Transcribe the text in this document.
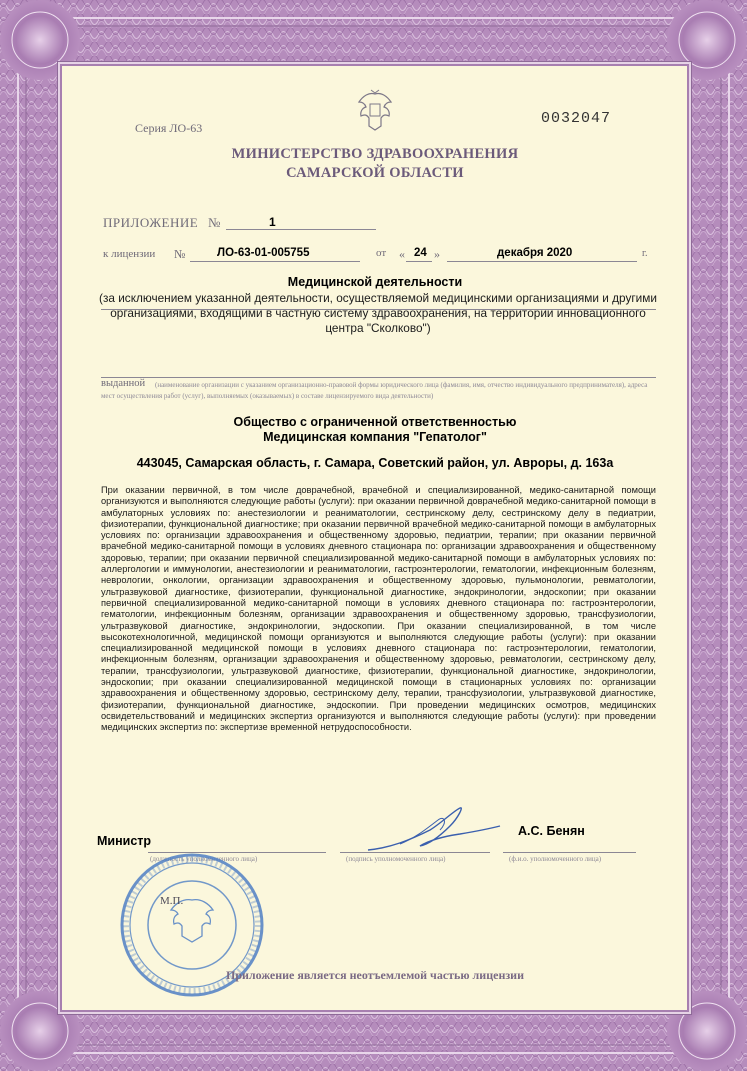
Серия ЛО-63
0032047
МИНИСТЕРСТВО ЗДРАВООХРАНЕНИЯ
САМАРСКОЙ ОБЛАСТИ
ПРИЛОЖЕНИЕ №	1
к лицензии №	ЛО-63-01-005755	от « 24 »	декабря 2020	г.
Медицинской деятельности
(за исключением указанной деятельности, осуществляемой медицинскими организациями и другими организациями, входящими в частную систему здравоохранения, на территории инновационного центра "Сколково")
выданной	(наименование организации с указанием организационно-правовой формы юридического лица (фамилия, имя, отчество индивидуального предпринимателя), адреса мест осуществления работ (услуг), выполняемых (оказываемых) в составе лицензируемого вида деятельности)
Общество с ограниченной ответственностью
Медицинская компания "Гепатолог"
443045, Самарская область, г. Самара, Советский район, ул. Авроры, д. 163а
При оказании первичной, в том числе доврачебной, врачебной и специализированной, медико-санитарной помощи организуются и выполняются следующие работы (услуги): при оказании первичной доврачебной медико-санитарной помощи в амбулаторных условиях по: анестезиологии и реаниматологии, сестринскому делу, сестринскому делу в педиатрии, физиотерапии, функциональной диагностике; при оказании первичной врачебной медико-санитарной помощи в амбулаторных условиях по: организации здравоохранения и общественному здоровью, педиатрии, терапии; при оказании первичной врачебной медико-санитарной помощи в условиях дневного стационара по: организации здравоохранения и общественному здоровью, терапии; при оказании первичной специализированной медико-санитарной помощи в амбулаторных условиях по: аллергологии и иммунологии, анестезиологии и реаниматологии, гастроэнтерологии, гематологии, инфекционным болезням, неврологии, онкологии, организации здравоохранения и общественному здоровью, пульмонологии, ревматологии, ультразвуковой диагностике, физиотерапии, функциональной диагностике, эндокринологии, эндоскопии; при оказании первичной специализированной медико-санитарной помощи в условиях дневного стационара по: гастроэнтерологии, гематологии, инфекционным болезням, организации здравоохранения и общественному здоровью, трансфузиологии, ультразвуковой диагностике, эндокринологии, эндоскопии. При оказании специализированной, в том числе высокотехнологичной, медицинской помощи организуются и выполняются следующие работы (услуги): при оказании специализированной медицинской помощи в условиях дневного стационара по: гастроэнтерологии, гематологии, инфекционным болезням, организации здравоохранения и общественному здоровью, ревматологии, сестринскому делу, терапии, трансфузиологии, ультразвуковой диагностике, физиотерапии, функциональной диагностике, эндокринологии, эндоскопии; при оказании специализированной медицинской помощи в стационарных условиях по: организации здравоохранения и общественному здоровью, сестринскому делу, терапии, трансфузиологии, ультразвуковой диагностике, физиотерапии, функциональной диагностике, эндоскопии. При проведении медицинских осмотров, медицинских освидетельствований и медицинских экспертиз организуются и выполняются следующие работы (услуги): при проведении медицинских экспертиз по: экспертизе временной нетрудоспособности.
Министр
А.С. Бенян
(должность уполномоченного лица)	(подпись уполномоченного лица)	(ф.и.о. уполномоченного лица)
М.П.
Приложение является неотъемлемой частью лицензии
